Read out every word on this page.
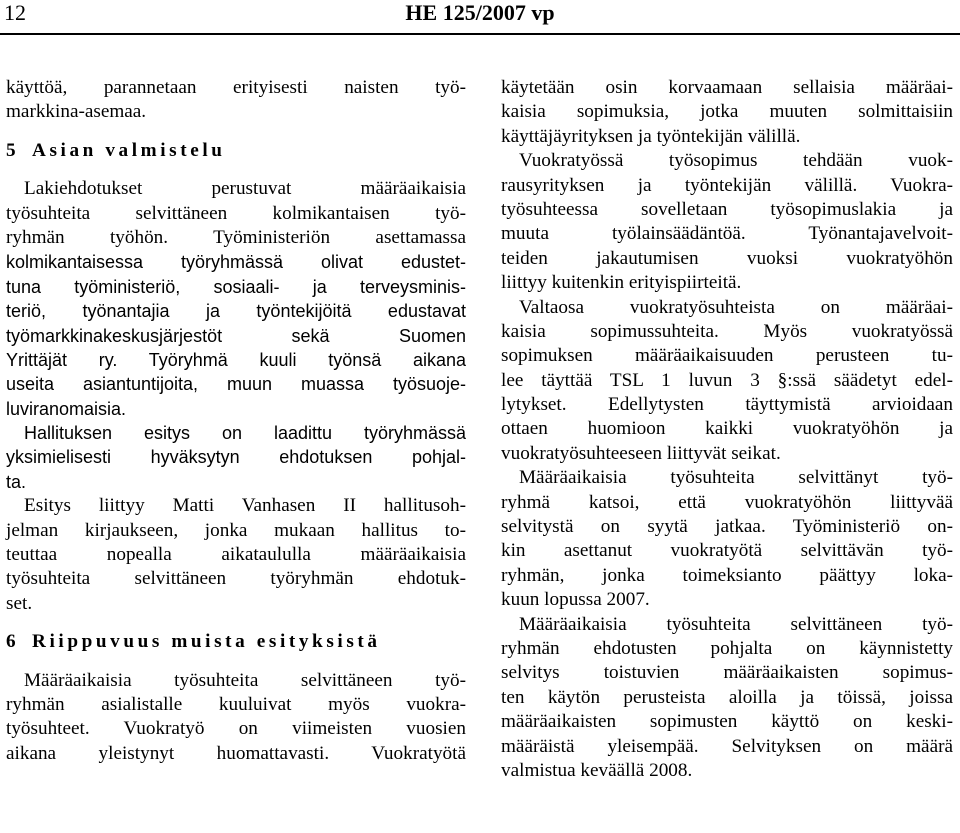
12	HE 125/2007 vp
käyttöä, parannetaan erityisesti naisten työ-
markkina-asemaa.
5 Asian valmistelu
Lakiehdotukset perustuvat määräaikaisia
työsuhteita selvittäneen kolmikantaisen työ-
ryhmän työhön. Työministeriön asettamassa
kolmikantaisessa työryhmässä olivat edustet-
tuna työministeriö, sosiaali- ja terveysminis-
teriö, työnantajia ja työntekijöitä edustavat
työmarkkinakeskusjärjestöt sekä Suomen
Yrittäjät ry. Työryhmä kuuli työnsä aikana
useita asiantuntijoita, muun muassa työsuoje-
luviranomaisia.
Hallituksen esitys on laadittu työryhmässä
yksimielisesti hyväksytyn ehdotuksen pohjal-
ta.
Esitys liittyy Matti Vanhasen II hallitusoh-
jelman kirjaukseen, jonka mukaan hallitus to-
teuttaa nopealla aikataululla määräaikaisia
työsuhteita selvittäneen työryhmän ehdotuk-
set.
6 Riippuvuus muista esityksistä
Määräaikaisia työsuhteita selvittäneen työ-
ryhmän asialistalle kuuluivat myös vuokra-
työsuhteet. Vuokratyö on viimeisten vuosien
aikana yleistynyt huomattavasti. Vuokratyötä
käytetään osin korvaamaan sellaisia määräai-
kaisia sopimuksia, jotka muuten solmittaisiin
käyttäjäyrityksen ja työntekijän välillä.
Vuokratyössä työsopimus tehdään vuok-
rausyrityksen ja työntekijän välillä. Vuokra-
työsuhteessa sovelletaan työsopimuslakia ja
muuta työlainsäädäntöä. Työnantajavelvoit-
teiden jakautumisen vuoksi vuokratyöhön
liittyy kuitenkin erityispiirteitä.
Valtaosa vuokratyösuhteista on määräai-
kaisia sopimussuhteita. Myös vuokratyössä
sopimuksen määräaikaisuuden perusteen tu-
lee täyttää TSL 1 luvun 3 §:ssä säädetyt edel-
lytykset. Edellytysten täyttymistä arvioidaan
ottaen huomioon kaikki vuokratyöhön ja
vuokratyösuhteeseen liittyvät seikat.
Määräaikaisia työsuhteita selvittänyt työ-
ryhmä katsoi, että vuokratyöhön liittyvää
selvitystä on syytä jatkaa. Työministeriö on-
kin asettanut vuokratyötä selvittävän työ-
ryhmän, jonka toimeksianto päättyy loka-
kuun lopussa 2007.
Määräaikaisia työsuhteita selvittäneen työ-
ryhmän ehdotusten pohjalta on käynnistetty
selvitys toistuvien määräaikaisten sopimus-
ten käytön perusteista aloilla ja töissä, joissa
määräaikaisten sopimusten käyttö on keski-
määräistä yleisempää. Selvityksen on määrä
valmistua keväällä 2008.
